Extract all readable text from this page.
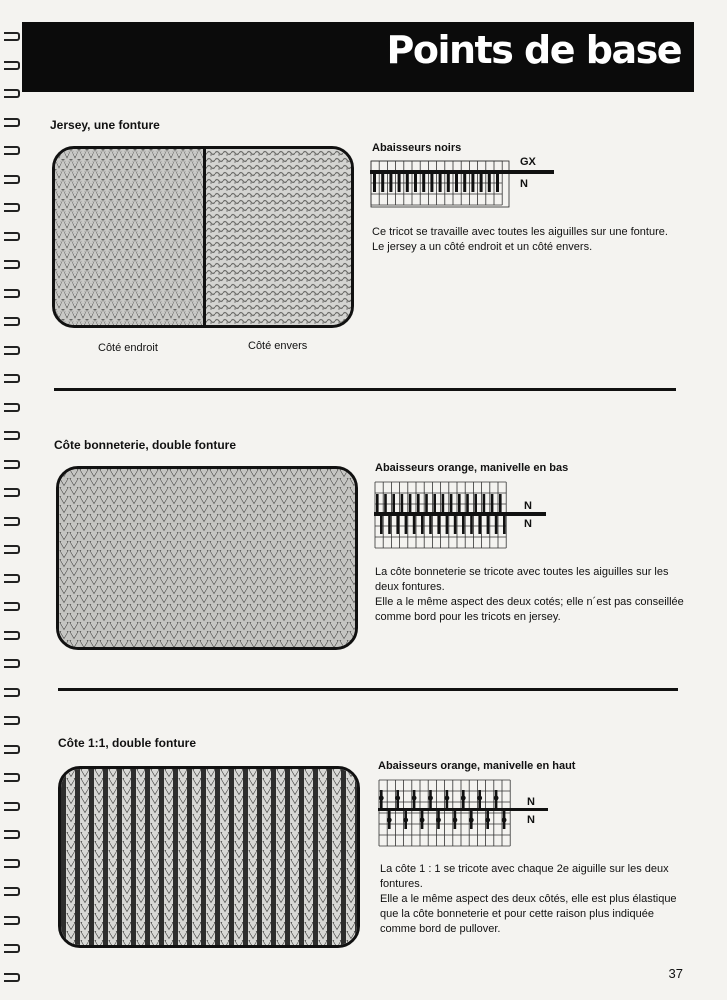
Points de base
Jersey, une fonture
Côté endroit	Côté envers
Abaisseurs noirs
GX
N

Ce tricot se travaille avec toutes les aiguilles sur une fonture.

Le jersey a un côté endroit et un côté envers.

Côte bonneterie, double fonture
Abaisseurs orange, manivelle en bas
N
N

La côte bonneterie se tricote avec toutes les aiguilles sur les deux fontures.

Elle a le même aspect des deux cotés; elle n´est pas conseillée comme bord pour les tricots en jersey.

Côte 1:1, double fonture
Abaisseurs orange, manivelle en haut
N
N

La côte 1 : 1 se tricote avec chaque 2e aiguille sur les deux fontures.

Elle a le même aspect des deux côtés, elle est plus élastique que la côte bonneterie et pour cette raison plus indiquée comme bord de pullover.

37
